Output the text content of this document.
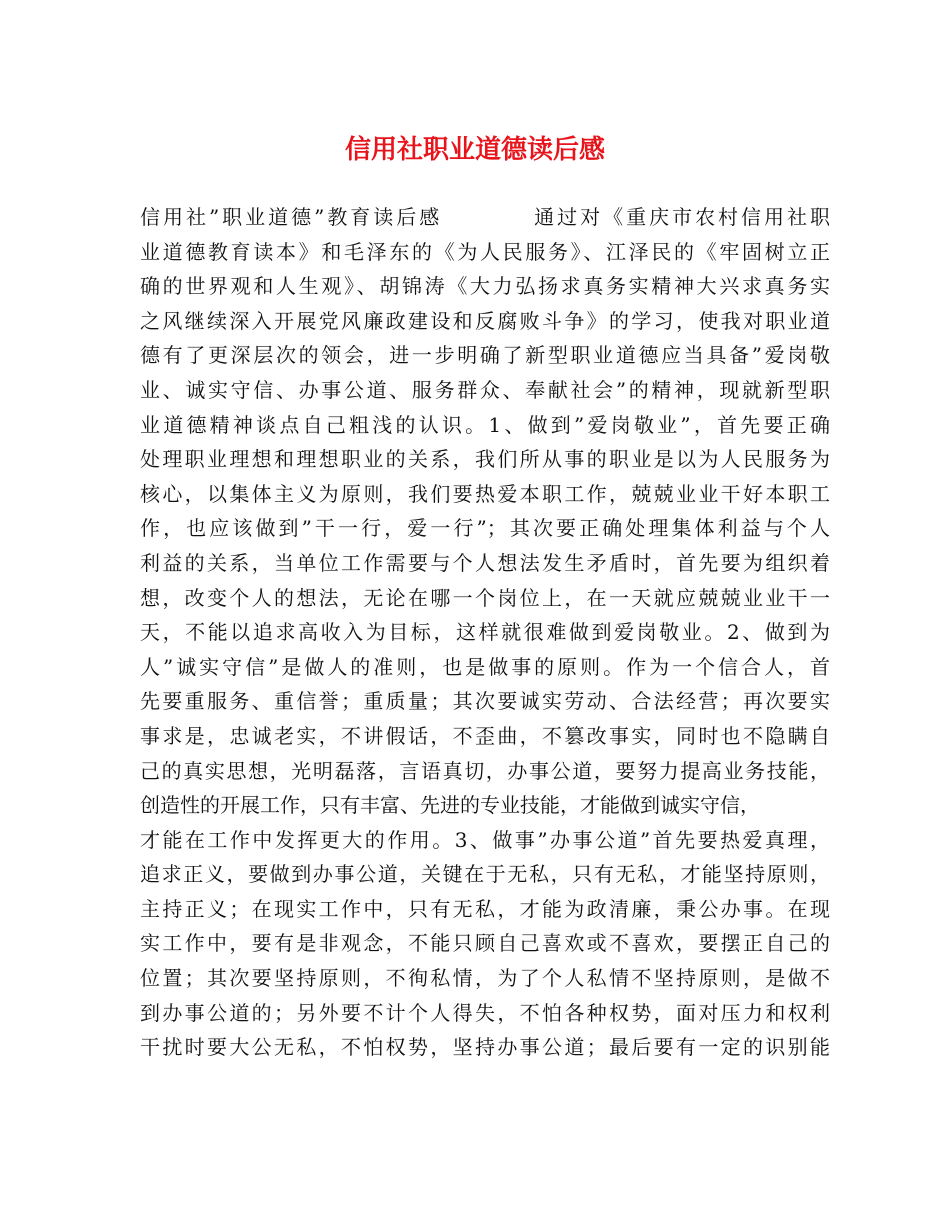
信用社职业道德读后感
信用社”职业道德”教育读后感　　　　通过对《重庆市农村信用社职
业道德教育读本》和毛泽东的《为人民服务》、江泽民的《牢固树立正
确的世界观和人生观》、胡锦涛《大力弘扬求真务实精神大兴求真务实
之风继续深入开展党风廉政建设和反腐败斗争》的学习，使我对职业道
德有了更深层次的领会，进一步明确了新型职业道德应当具备”爱岗敬
业、诚实守信、办事公道、服务群众、奉献社会”的精神，现就新型职
业道德精神谈点自己粗浅的认识。1、做到”爱岗敬业”，首先要正确
处理职业理想和理想职业的关系，我们所从事的职业是以为人民服务为
核心，以集体主义为原则，我们要热爱本职工作，兢兢业业干好本职工
作，也应该做到”干一行，爱一行”；其次要正确处理集体利益与个人
利益的关系，当单位工作需要与个人想法发生矛盾时，首先要为组织着
想，改变个人的想法，无论在哪一个岗位上，在一天就应兢兢业业干一
天，不能以追求高收入为目标，这样就很难做到爱岗敬业。2、做到为
人”诚实守信”是做人的准则，也是做事的原则。作为一个信合人，首
先要重服务、重信誉；重质量；其次要诚实劳动、合法经营；再次要实
事求是，忠诚老实，不讲假话，不歪曲，不篡改事实，同时也不隐瞒自
己的真实思想，光明磊落，言语真切，办事公道，要努力提高业务技能，
创造性的开展工作，只有丰富、先进的专业技能，才能做到诚实守信，
才能在工作中发挥更大的作用。3、做事”办事公道”首先要热爱真理，
追求正义，要做到办事公道，关键在于无私，只有无私，才能坚持原则，
主持正义；在现实工作中，只有无私，才能为政清廉，秉公办事。在现
实工作中，要有是非观念，不能只顾自己喜欢或不喜欢，要摆正自己的
位置；其次要坚持原则，不徇私情，为了个人私情不坚持原则，是做不
到办事公道的；另外要不计个人得失，不怕各种权势，面对压力和权利
干扰时要大公无私，不怕权势，坚持办事公道；最后要有一定的识别能
